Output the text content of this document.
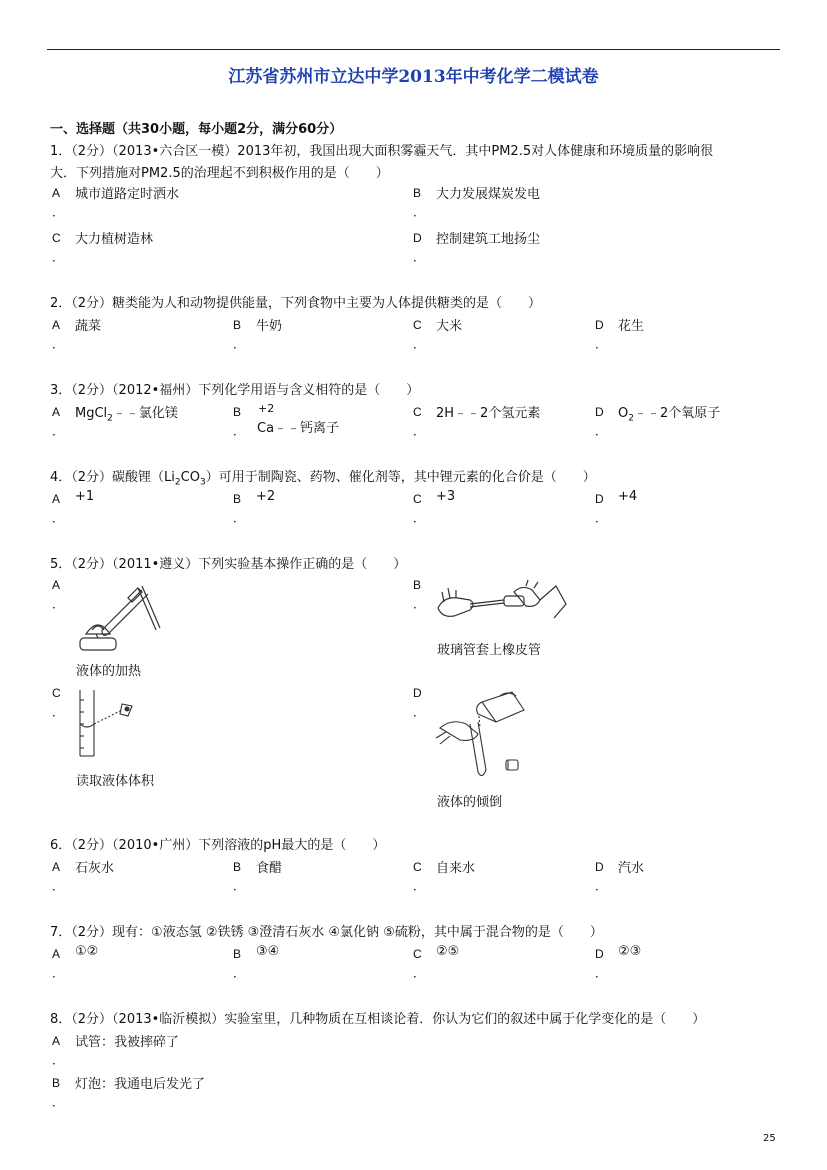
江苏省苏州市立达中学2013年中考化学二模试卷
一、选择题（共30小题，每小题2分，满分60分）
1．（2分）（2013•六合区一模）2013年初，我国出现大面积雾霾天气．其中PM2.5对人体健康和环境质量的影响很
大．下列措施对PM2.5的治理起不到积极作用的是（　　）
A
．
城市道路定时洒水	B
．
大力发展煤炭发电
C
．
大力植树造林	D
．
控制建筑工地扬尘
2．（2分）糖类能为人和动物提供能量，下列食物中主要为人体提供糖类的是（　　）
A
．
蔬菜	B
．
牛奶	C
．
大米	D
．
花生
3．（2分）（2012•福州）下列化学用语与含义相符的是（　　）
A
．
MgCl$_2$﹣﹣氯化镁	B
．
+2
Ca﹣﹣钙离子
C
．
2H﹣﹣2个氢元素	D
．
$O_2﹣﹣2$个氧原子
4．（2分）碳酸锂$(Li_2CO_3)$可用于制陶瓷、药物、催化剂等，其中锂元素的化合价是（　　）
A
．
+1	B
．
+2	C
．
+3	D
．
+4
5．（2分）（2011•遵义）下列实验基本操作正确的是（　　）
A
．
液体的加热
B
．
玻璃管套上橡皮管
C
．
读取液体体积
D
．
液体的倾倒
6．（2分）（2010•广州）下列溶液的pH最大的是（　　）
A
．
石灰水	B
．
食醋	C
．
自来水	D
．
汽水
7．（2分）现有：①液态氢 ②铁锈 ③澄清石灰水 ④氯化钠 ⑤硫粉，其中属于混合物的是（　　）
A
．
①②	B
．
③④	C
．
②⑤	D
．
②③
8．（2分）（2013•临沂模拟）实验室里，几种物质在互相谈论着．你认为它们的叙述中属于化学变化的是（　　）
A
．
试管：我被摔碎了
B
．
灯泡：我通电后发光了
25
